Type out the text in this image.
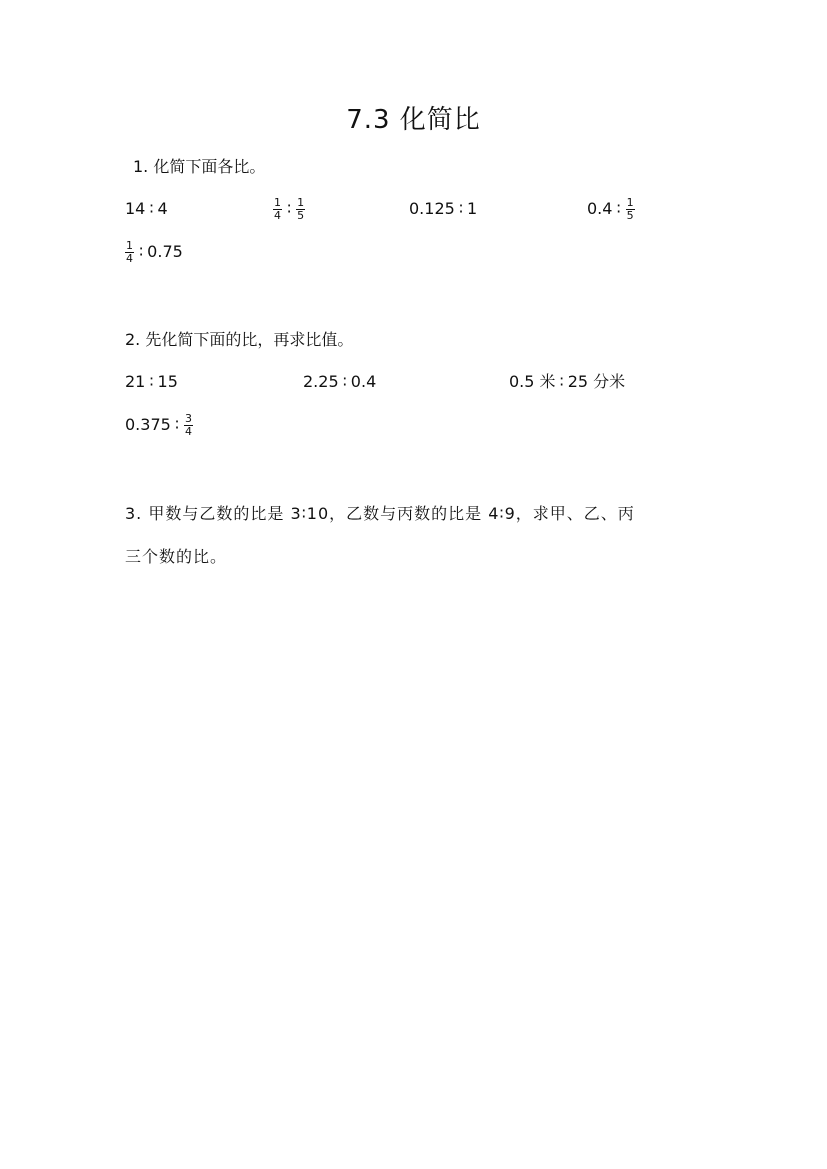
7.3 化简比
1. 化简下面各比。
14 ∶ 4	$\frac{1}{4}$ ∶ $\frac{1}{5}$	0.125 ∶ 1	0.4 ∶ $\frac{1}{5}$
$\frac{1}{4}$ ∶ 0.75
2. 先化简下面的比，再求比值。
21 ∶ 15	2.25 ∶ 0.4	0.5 米 ∶ 25 分米
0.375 ∶ $\frac{3}{4}$
3. 甲数与乙数的比是 3∶10，乙数与丙数的比是 4∶9，求甲、乙、丙
三个数的比。
